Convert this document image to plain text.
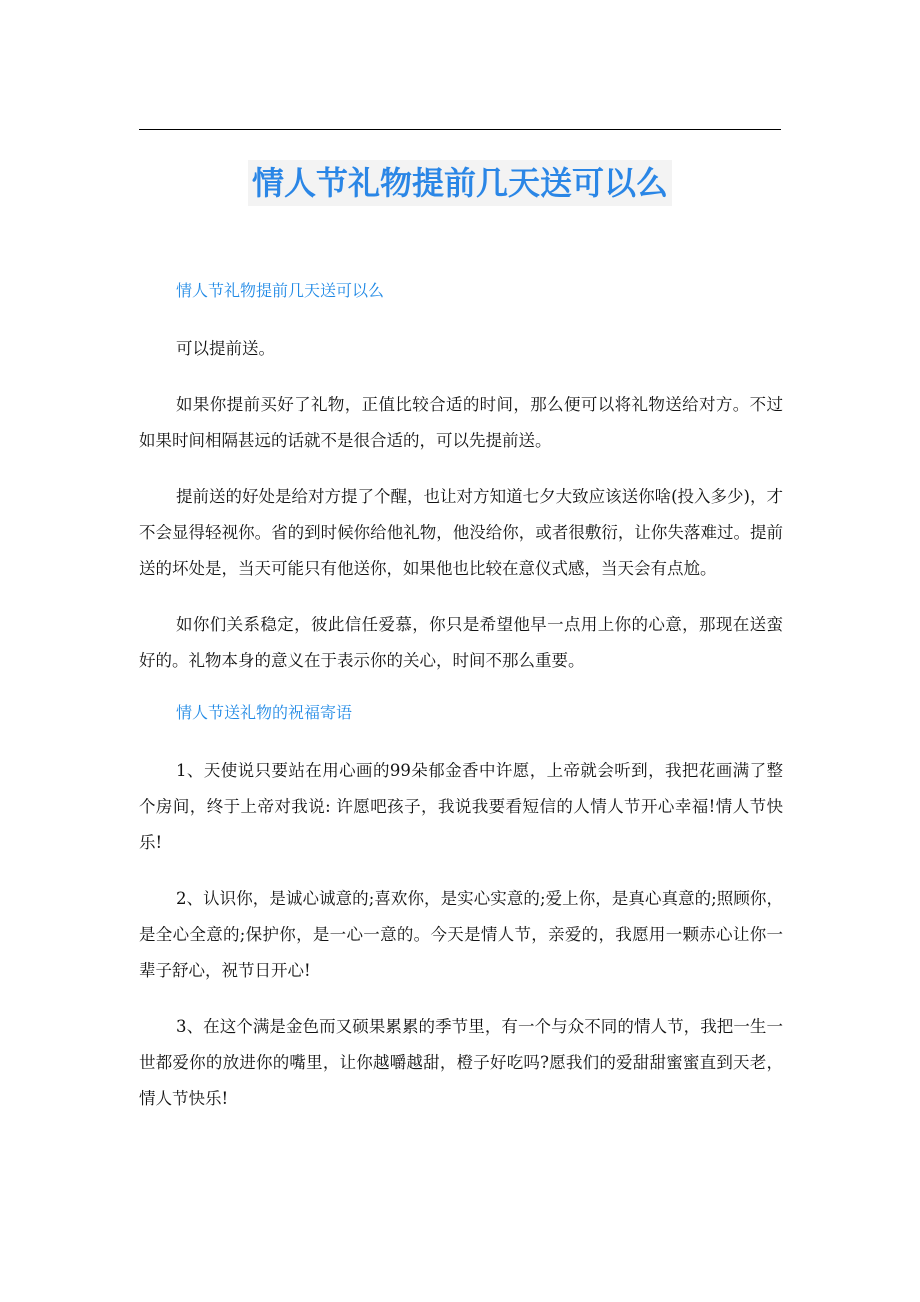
情人节礼物提前几天送可以么

情人节礼物提前几天送可以么

可以提前送。

如果你提前买好了礼物，正值比较合适的时间，那么便可以将礼物送给对方。不过如果时间相隔甚远的话就不是很合适的，可以先提前送。

提前送的好处是给对方提了个醒，也让对方知道七夕大致应该送你啥(投入多少)，才不会显得轻视你。省的到时候你给他礼物，他没给你，或者很敷衍，让你失落难过。提前送的坏处是，当天可能只有他送你，如果他也比较在意仪式感，当天会有点尬。

如你们关系稳定，彼此信任爱慕，你只是希望他早一点用上你的心意，那现在送蛮好的。礼物本身的意义在于表示你的关心，时间不那么重要。

情人节送礼物的祝福寄语

1、天使说只要站在用心画的99朵郁金香中许愿，上帝就会听到，我把花画满了整个房间，终于上帝对我说: 许愿吧孩子，我说我要看短信的人情人节开心幸福!情人节快乐!

2、认识你，是诚心诚意的;喜欢你，是实心实意的;爱上你，是真心真意的;照顾你，是全心全意的;保护你，是一心一意的。今天是情人节，亲爱的，我愿用一颗赤心让你一辈子舒心，祝节日开心!

3、在这个满是金色而又硕果累累的季节里，有一个与众不同的情人节，我把一生一世都爱你的放进你的嘴里，让你越嚼越甜，橙子好吃吗?愿我们的爱甜甜蜜蜜直到天老，情人节快乐!
